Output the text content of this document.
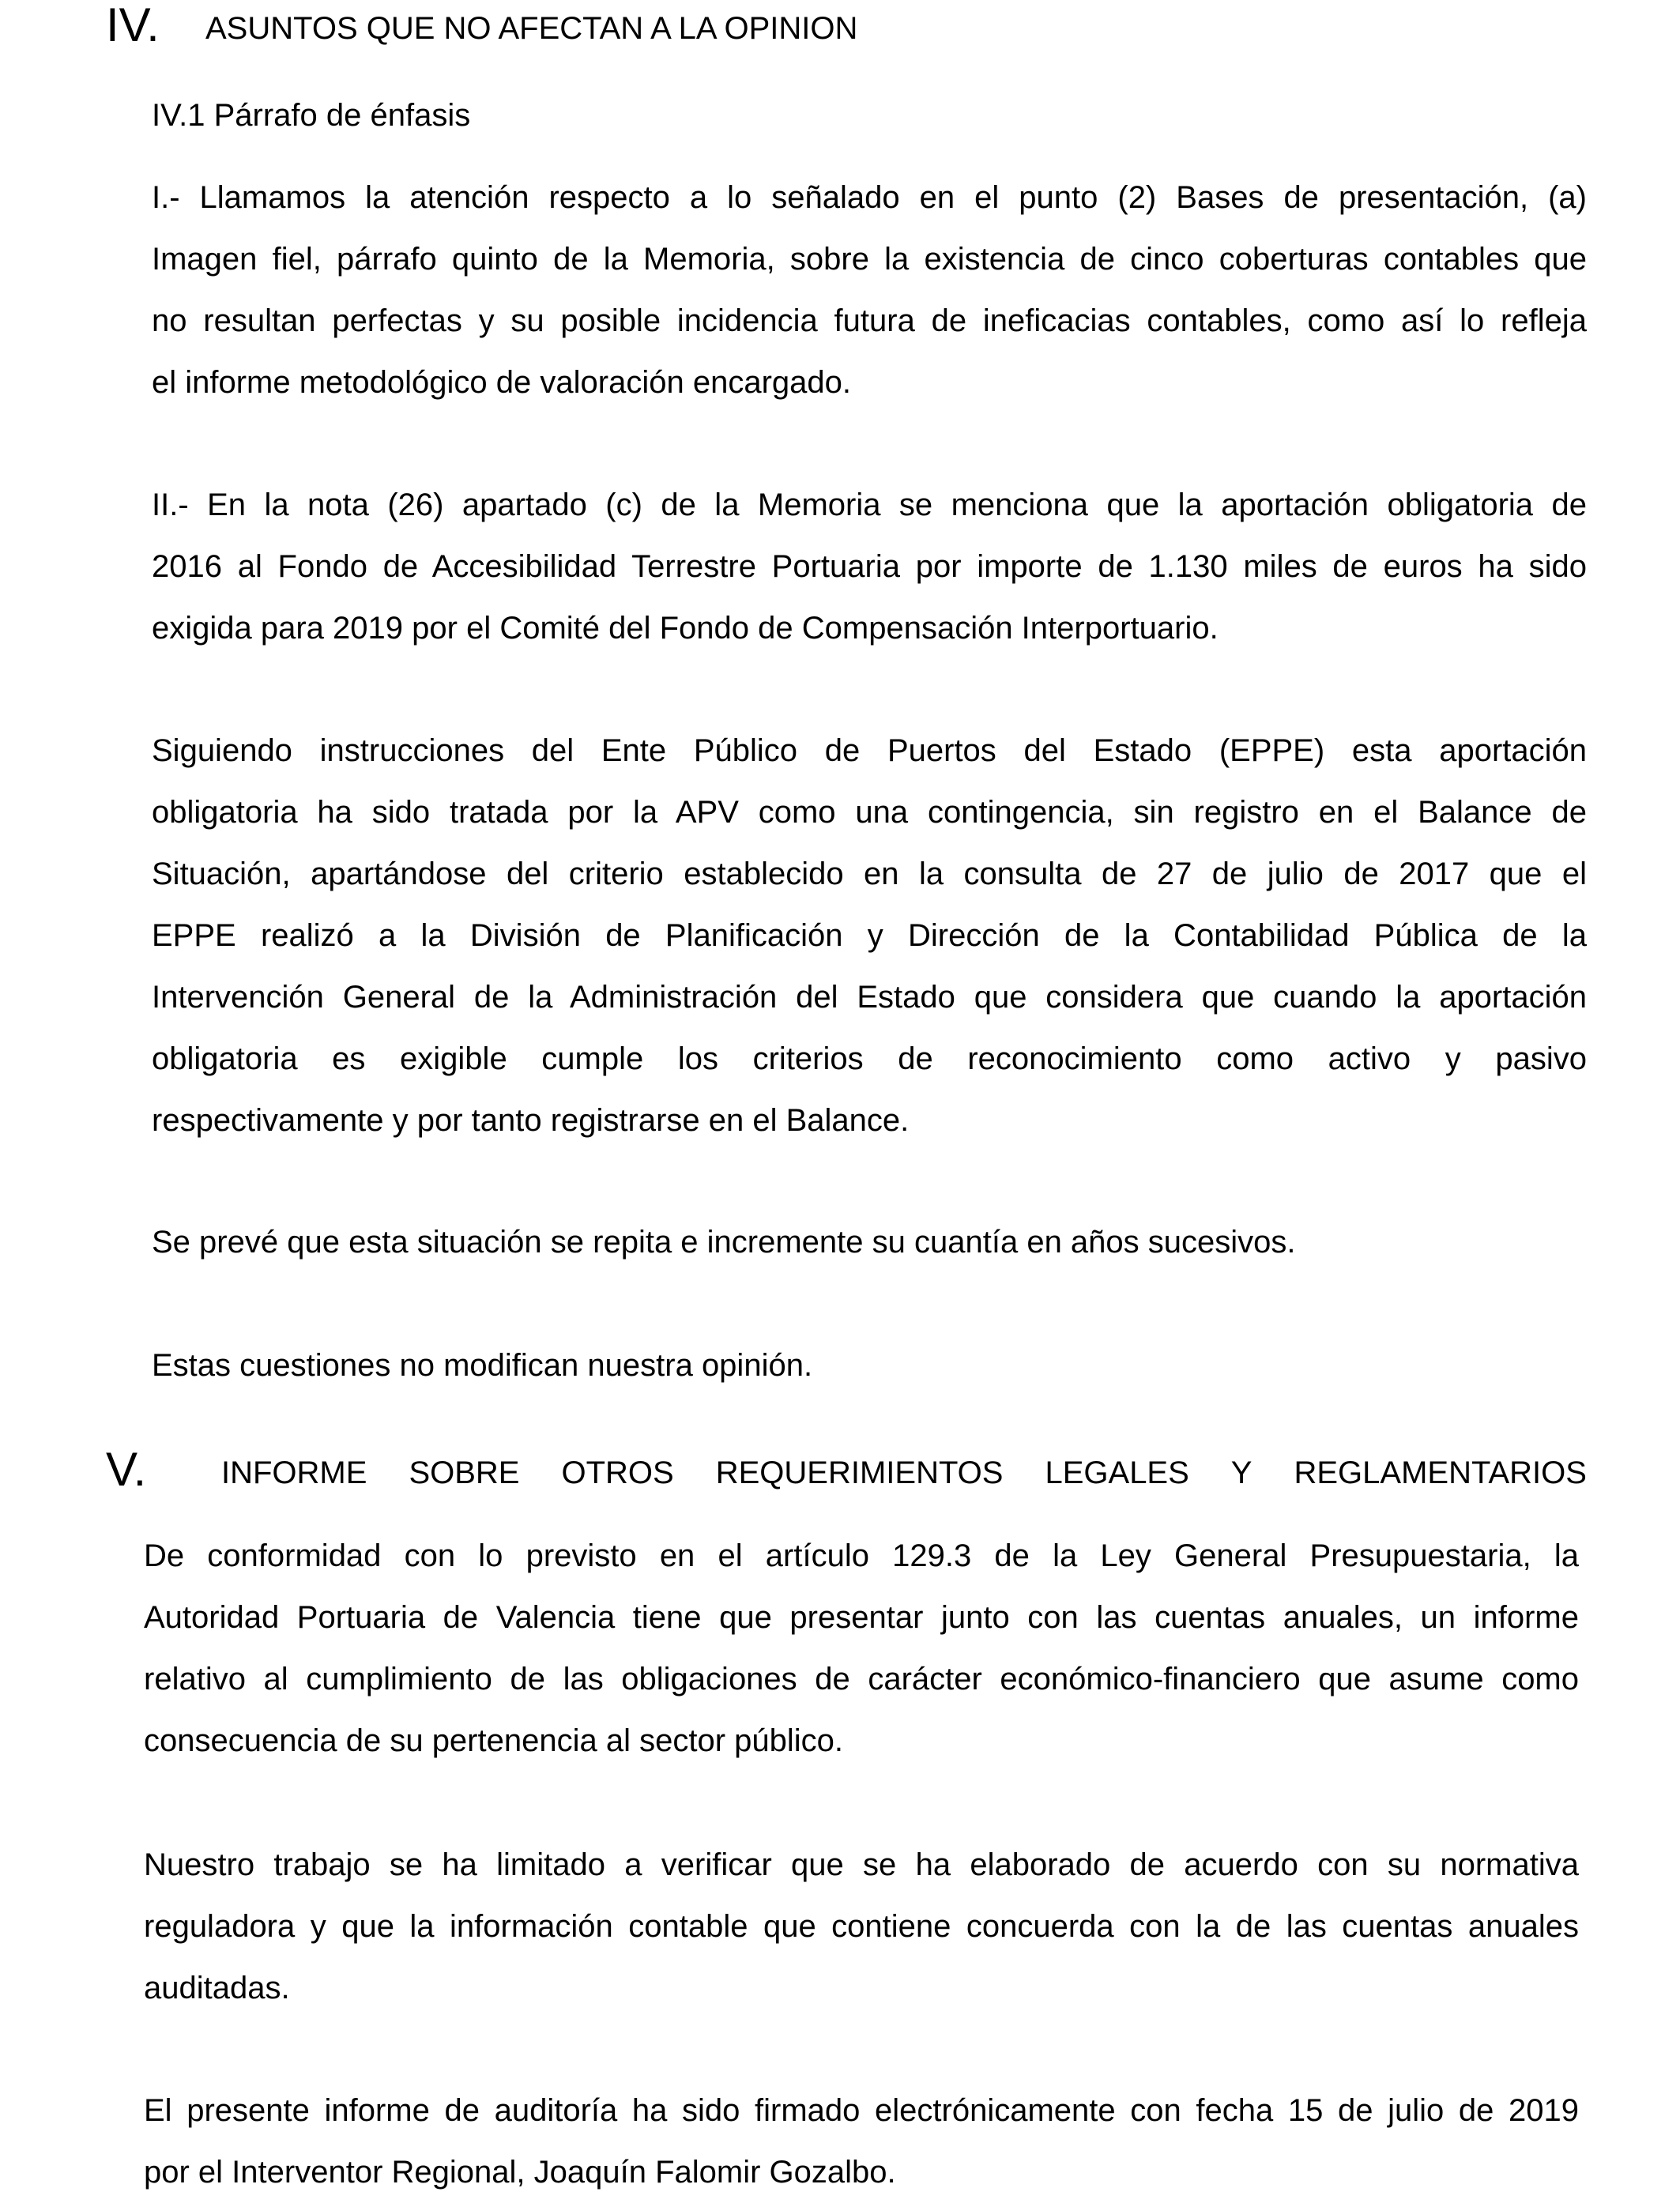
IV. ASUNTOS QUE NO AFECTAN A LA OPINION
IV.1 Párrafo de énfasis
I.- Llamamos la atención respecto a lo señalado en el punto (2) Bases de presentación, (a)
Imagen fiel, párrafo quinto de la Memoria, sobre la existencia de cinco coberturas contables que
no resultan perfectas y su posible incidencia futura de ineficacias contables, como así lo refleja
el informe metodológico de valoración encargado.
II.- En la nota (26) apartado (c) de la Memoria se menciona que la aportación obligatoria de
2016 al Fondo de Accesibilidad Terrestre Portuaria por importe de 1.130 miles de euros ha sido
exigida para 2019 por el Comité del Fondo de Compensación Interportuario.
Siguiendo instrucciones del Ente Público de Puertos del Estado (EPPE) esta aportación
obligatoria ha sido tratada por la APV como una contingencia, sin registro en el Balance de
Situación, apartándose del criterio establecido en la consulta de 27 de julio de 2017 que el
EPPE realizó a la División de Planificación y Dirección de la Contabilidad Pública de la
Intervención General de la Administración del Estado que considera que cuando la aportación
obligatoria es exigible cumple los criterios de reconocimiento como activo y pasivo
respectivamente y por tanto registrarse en el Balance.
Se prevé que esta situación se repita e incremente su cuantía en años sucesivos.
Estas cuestiones no modifican nuestra opinión.
V. INFORME SOBRE OTROS REQUERIMIENTOS LEGALES Y REGLAMENTARIOS
De conformidad con lo previsto en el artículo 129.3 de la Ley General Presupuestaria, la
Autoridad Portuaria de Valencia tiene que presentar junto con las cuentas anuales, un informe
relativo al cumplimiento de las obligaciones de carácter económico-financiero que asume como
consecuencia de su pertenencia al sector público.
Nuestro trabajo se ha limitado a verificar que se ha elaborado de acuerdo con su normativa
reguladora y que la información contable que contiene concuerda con la de las cuentas anuales
auditadas.
El presente informe de auditoría ha sido firmado electrónicamente con fecha 15 de julio de 2019
por el Interventor Regional, Joaquín Falomir Gozalbo.
